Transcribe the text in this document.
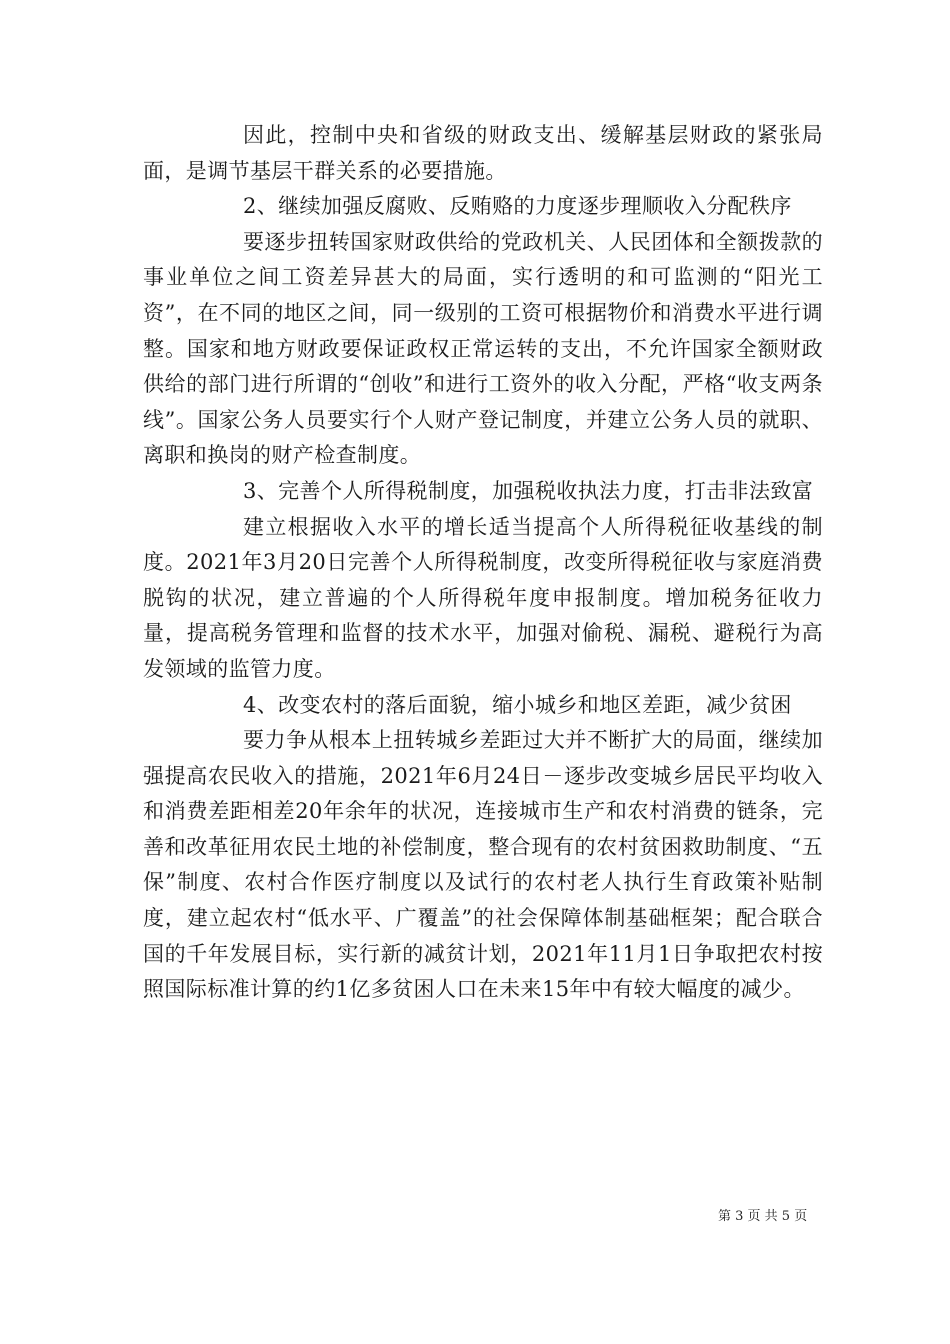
因此，控制中央和省级的财政支出、缓解基层财政的紧张局面，是调节基层干群关系的必要措施。

2、继续加强反腐败、反贿赂的力度逐步理顺收入分配秩序

要逐步扭转国家财政供给的党政机关、人民团体和全额拨款的事业单位之间工资差异甚大的局面，实行透明的和可监测的“阳光工资”，在不同的地区之间，同一级别的工资可根据物价和消费水平进行调整。国家和地方财政要保证政权正常运转的支出，不允许国家全额财政供给的部门进行所谓的“创收”和进行工资外的收入分配，严格“收支两条线”。国家公务人员要实行个人财产登记制度，并建立公务人员的就职、离职和换岗的财产检查制度。

3、完善个人所得税制度，加强税收执法力度，打击非法致富

建立根据收入水平的增长适当提高个人所得税征收基线的制度。2021年3月20日完善个人所得税制度，改变所得税征收与家庭消费脱钩的状况，建立普遍的个人所得税年度申报制度。增加税务征收力量，提高税务管理和监督的技术水平，加强对偷税、漏税、避税行为高发领域的监管力度。

4、改变农村的落后面貌，缩小城乡和地区差距，减少贫困

要力争从根本上扭转城乡差距过大并不断扩大的局面，继续加强提高农民收入的措施，2021年6月24日－逐步改变城乡居民平均收入和消费差距相差20年余年的状况，连接城市生产和农村消费的链条，完善和改革征用农民土地的补偿制度，整合现有的农村贫困救助制度、“五保”制度、农村合作医疗制度以及试行的农村老人执行生育政策补贴制度，建立起农村“低水平、广覆盖”的社会保障体制基础框架；配合联合国的千年发展目标，实行新的减贫计划，2021年11月1日争取把农村按照国际标准计算的约1亿多贫困人口在未来15年中有较大幅度的减少。

第 3 页 共 5 页
